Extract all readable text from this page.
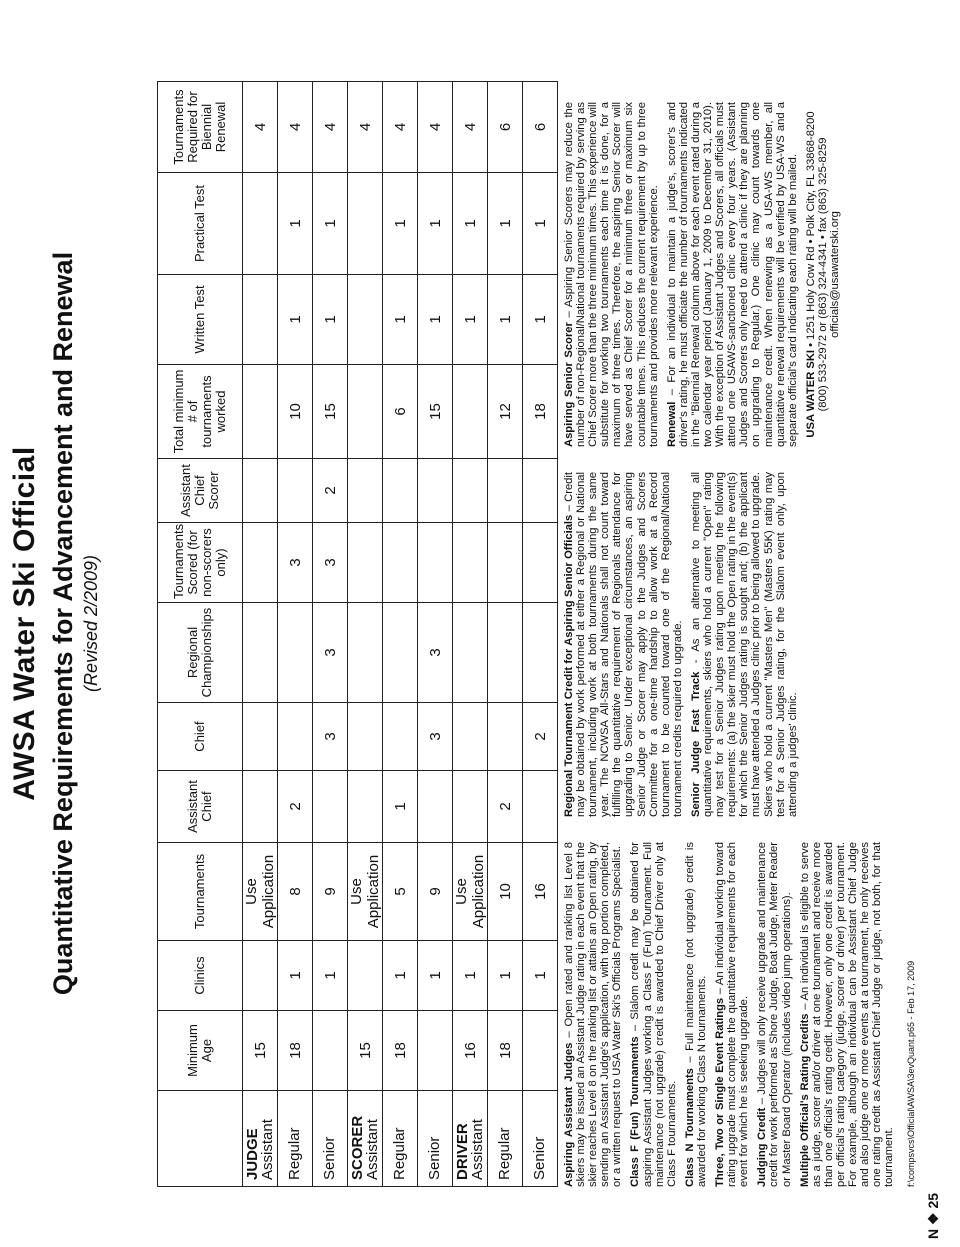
N ❖ 25
AWSA Water Ski Official Quantitative Requirements for Advancement and Renewal (Revised 2/2009)
	Minimum Age	Clinics	Tournaments	Assistant Chief	Chief	Regional Championships	Tournaments Scored (for non-scorers only)	Assistant Chief Scorer	Total minimum # of tournaments worked	Written Test	Practical Test	Tournaments Required for Biennial Renewal

JUDGE
Assistant	15		Use Application									4

Regular	18	1	8	2			3		10	1	1	4

Senior		1	9		3	3	3	2	15	1	1	4

SCORER
Assistant	15		Use Application									4

Regular	18	1	5	1					6	1	1	4

Senior		1	9		3	3			15	1	1	4

DRIVER
Assistant	16	1	Use Application							1	1	4

Regular	18	1	10	2					12	1	1	6

Senior		1	16		2				18	1	1	6

Aspiring Assistant Judges – Open rated and ranking list Level 8 skiers may be issued an Assistant Judge rating in each event that the skier reaches Level 8 on the ranking list or attains an Open rating, by sending an Assistant Judge's application, with top portion completed, or a written request to USA Water Ski's Officials Programs Specialist. Class F (Fun) Tournaments – Slalom credit may be obtained for aspiring Assistant Judges working a Class F (Fun) Tournament. Full maintenance (not upgrade) credit is awarded to Chief Driver only at Class F tournaments. Class N Tournaments – Full maintenance (not upgrade) credit is awarded for working Class N tournaments. Three, Two or Single Event Ratings – An individual working toward rating upgrade must complete the quantitative requirements for each event for which he is seeking upgrade. Judging Credit – Judges will only receive upgrade and maintenance credit for work performed as Shore Judge, Boat Judge, Meter Reader or Master Board Operator (includes video jump operations). Multiple Official's Rating Credits – An individual is eligible to serve as a judge, scorer and/or driver at one tournament and receive more than one official's rating credit. However, only one credit is awarded per official's rating category (judge, scorer or driver) per tournament. For example, although an individual can be Assistant Chief Judge and also judge one or more events at a tournament, he only receives one rating credit as Assistant Chief Judge or judge, not both, for that tournament. f:\compsvcs\Official\AWSA\3evQuant.p65 - Feb 17, 2009

Regional Tournament Credit for Aspiring Senior Officials – Credit may be obtained by work performed at either a Regional or National tournament, including work at both tournaments during the same year. The NCWSA All-Stars and Nationals shall not count toward fulfilling the quantitative requirement of Regionals attendance for upgrading to Senior. Under exceptional circumstances, an aspiring Senior Judge or Scorer may apply to the Judges and Scorers Committee for a one-time hardship to allow work at a Record tournament to be counted toward one of the Regional/National tournament credits required to upgrade. Senior Judge Fast Track - As an alternative to meeting all quantitative requirements, skiers who hold a current "Open" rating may test for a Senior Judges rating upon meeting the following requirements: (a) the skier must hold the Open rating in the event(s) for which the Senior Judges rating is sought and; (b) the applicant must have attended a Judges clinic prior to being allowed to upgrade. Skiers who hold a current "Masters Men" (Masters 55K) rating may test for a Senior Judges rating, for the Slalom event only, upon attending a judges' clinic.

Aspiring Senior Scorer – Aspiring Senior Scorers may reduce the number of non-Regional/National tournaments required by serving as Chief Scorer more than the three minimum times. This experience will substitute for working two tournaments each time it is done, for a maximum of three times. Therefore, the aspiring Senior Scorer will have served as Chief Scorer for a minimum three or maximum six countable times. This reduces the current requirement by up to three tournaments and provides more relevant experience. Renewal – For an individual to maintain a judge's, scorer's and driver's rating, he must officiate the number of tournaments indicated in the "Biennial Renewal column above for each event rated during a two calendar year period (January 1, 2009 to December 31, 2010). With the exception of Assistant Judges and Scorers, all officials must attend one USAWS-sanctioned clinic every four years. (Assistant Judges and Scorers only need to attend a clinic if they are planning on upgrading to Regular.) One clinic may count towards one maintenance credit. When renewing as a USA-WS member, all quantitative renewal requirements will be verified by USA-WS and a separate official's card indicating each rating will be mailed. USA WATER SKI • 1251 Holy Cow Rd • Polk City, FL 33868-8200
(800) 533-2972 or (863) 324-4341 • fax (863) 325-8259
officials@usawaterski.org
